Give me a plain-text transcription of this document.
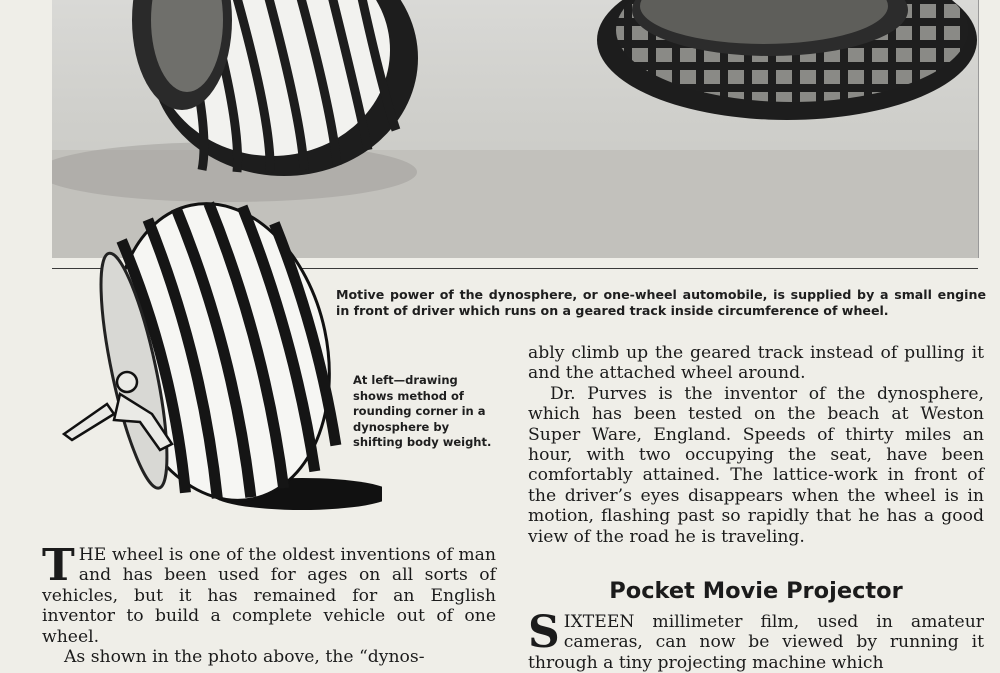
Motive power of the dynosphere, or one-wheel automobile, is supplied by a small engine in front of driver which runs on a geared track inside circumference of wheel.
At left—drawing shows method of rounding corner in a dynosphere by shifting body weight.

THE wheel is one of the oldest inventions of man and has been used for ages on all sorts of vehicles, but it has remained for an English inventor to build a complete vehicle out of one wheel.

As shown in the photo above, the “dynos-

ably climb up the geared track instead of pulling it and the attached wheel around.

Dr. Purves is the inventor of the dynosphere, which has been tested on the beach at Weston Super Ware, England. Speeds of thirty miles an hour, with two occupying the seat, have been comfortably attained. The lattice-work in front of the driver’s eyes disappears when the wheel is in motion, flashing past so rapidly that he has a good view of the road he is traveling.

Pocket Movie Projector

SIXTEEN millimeter film, used in amateur cameras, can now be viewed by running it through a tiny projecting machine which
